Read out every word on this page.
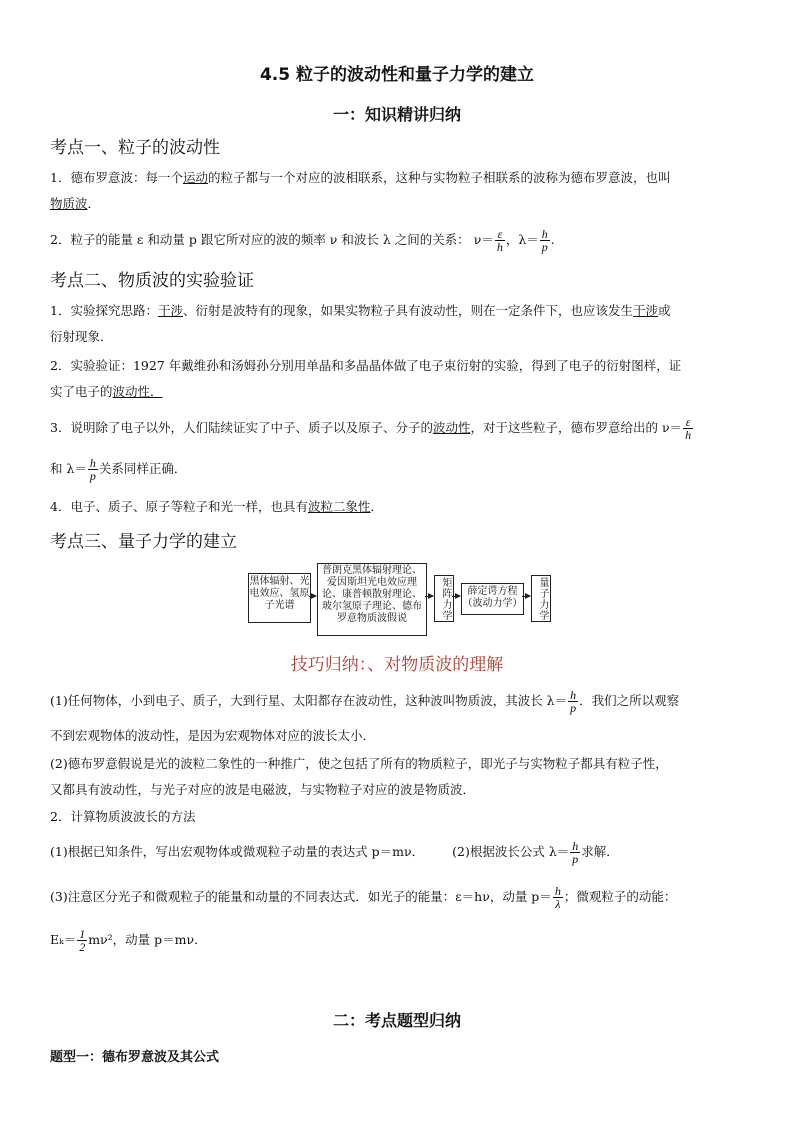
4.5 粒子的波动性和量子力学的建立
一：知识精讲归纳
考点一、粒子的波动性
1．德布罗意波：每一个运动的粒子都与一个对应的波相联系，这种与实物粒子相联系的波称为德布罗意波，也叫
物质波．
2．粒子的能量 ε 和动量 p 跟它所对应的波的频率 ν 和波长 λ 之间的关系： $\nu= \frac{\varepsilon}{h}$ ，$\lambda= \frac{h}{p}$ .
考点二、物质波的实验验证
1．实验探究思路：干涉、衍射是波特有的现象，如果实物粒子具有波动性，则在一定条件下，也应该发生干涉或
衍射现象．
2．实验验证：1927 年戴维孙和汤姆孙分别用单晶和多晶晶体做了电子束衍射的实验，得到了电子的衍射图样，证
实了电子的波动性．
3．说明除了电子以外，人们陆续证实了中子、质子以及原子、分子的波动性，对于这些粒子，德布罗意给出的 $\nu= \frac{\varepsilon}{h}$
和 $\lambda= \frac{h}{p}$ 关系同样正确．
4．电子、质子、原子等粒子和光一样，也具有波粒二象性．
考点三、量子力学的建立
黑体辐射、光电效应、氢原子光谱
普朗克黑体辐射理论、爱因斯坦光电效应理论、康普顿散射理论、玻尔氢原子理论、德布罗意物质波假说	矩阵力学	薛定谔方程
（波动力学）	量子力学
技巧归纳：、对物质波的理解
(1)任何物体，小到电子、质子，大到行星、太阳都存在波动性，这种波叫物质波，其波长 $\lambda= \frac{h}{p}$ ．我们之所以观察
不到宏观物体的波动性，是因为宏观物体对应的波长太小．
(2)德布罗意假说是光的波粒二象性的一种推广，使之包括了所有的物质粒子，即光子与实物粒子都具有粒子性，
又都具有波动性，与光子对应的波是电磁波，与实物粒子对应的波是物质波．
2．计算物质波波长的方法
(1)根据已知条件，写出宏观物体或微观粒子动量的表达式 p＝mν． (2)根据波长公式 $\lambda= \frac{h}{p}$ 求解．
(3)注意区分光子和微观粒子的能量和动量的不同表达式．如光子的能量：ε＝hν，动量 $p= \frac{h}{\lambda}$ ；微观粒子的动能：
$E_k= \frac{1}{2} m\nu^2$，动量 p＝mν．
二：考点题型归纳
题型一：德布罗意波及其公式
